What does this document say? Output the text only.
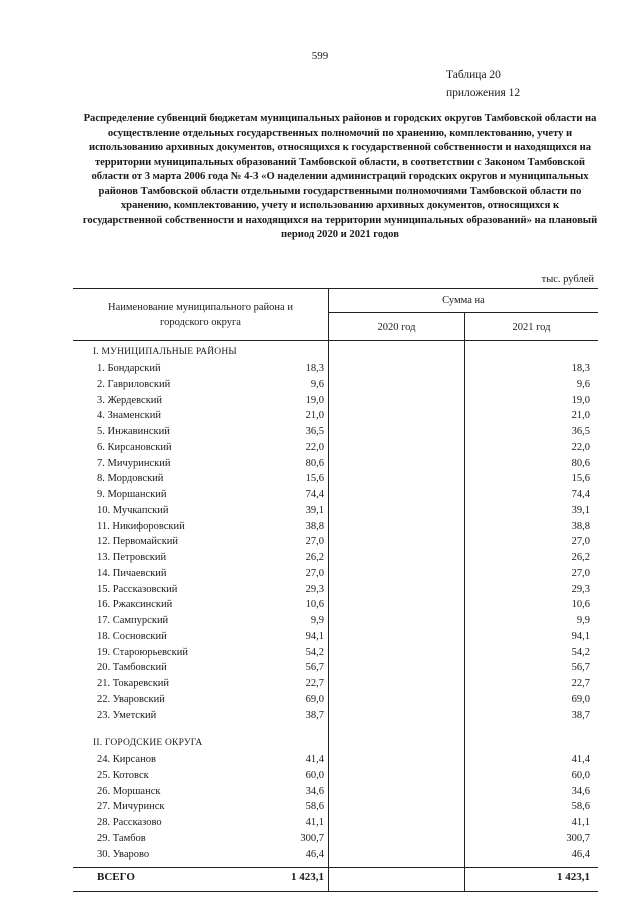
599
Таблица 20
приложения 12
Распределение субвенций бюджетам муниципальных районов и городских округов Тамбовской области на осуществление отдельных государственных полномочий по хранению, комплектованию, учету и использованию архивных документов, относящихся к государственной собственности и находящихся на территории муниципальных образований Тамбовской области, в соответствии с Законом Тамбовской области от 3 марта 2006 года № 4-З «О наделении администраций городских округов и муниципальных районов Тамбовской области отдельными государственными полномочиями Тамбовской области по хранению, комплектованию, учету и использованию архивных документов, относящихся к государственной собственности и находящихся на территории муниципальных образований» на плановый период 2020 и 2021 годов
тыс. рублей
Наименование муниципального района и городского округа
Сумма на
2020 год	2021 год
I. МУНИЦИПАЛЬНЫЕ РАЙОНЫ
1. Бондарский	18,3	18,3
2. Гавриловский	9,6	9,6
3. Жердевский	19,0	19,0
4. Знаменский	21,0	21,0
5. Инжавинский	36,5	36,5
6. Кирсановский	22,0	22,0
7. Мичуринский	80,6	80,6
8. Мордовский	15,6	15,6
9. Моршанский	74,4	74,4
10. Мучкапский	39,1	39,1
11. Никифоровский	38,8	38,8
12. Первомайский	27,0	27,0
13. Петровский	26,2	26,2
14. Пичаевский	27,0	27,0
15. Рассказовский	29,3	29,3
16. Ржаксинский	10,6	10,6
17. Сампурский	9,9	9,9
18. Сосновский	94,1	94,1
19. Староюрьевский	54,2	54,2
20. Тамбовский	56,7	56,7
21. Токаревский	22,7	22,7
22. Уваровский	69,0	69,0
23. Уметский	38,7	38,7
II. ГОРОДСКИЕ ОКРУГА
24. Кирсанов	41,4	41,4
25. Котовск	60,0	60,0
26. Моршанск	34,6	34,6
27. Мичуринск	58,6	58,6
28. Рассказово	41,1	41,1
29. Тамбов	300,7	300,7
30. Уварово	46,4	46,4
ВСЕГО	1 423,1	1 423,1
